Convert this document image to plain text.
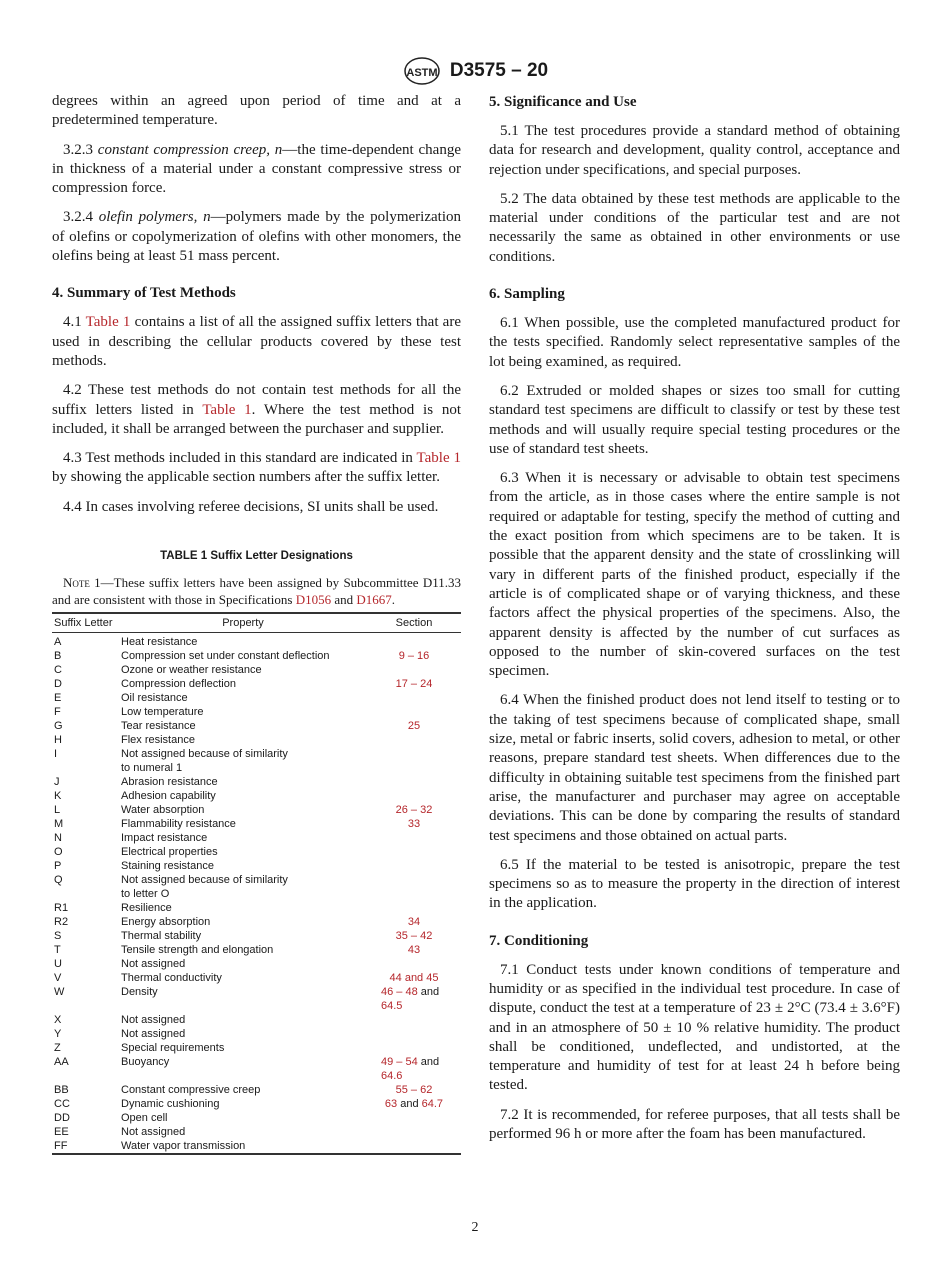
ASTM D3575 – 20

degrees within an agreed upon period of time and at a predetermined temperature.

3.2.3 constant compression creep, n—the time-dependent change in thickness of a material under a constant compressive stress or compression force.

3.2.4 olefin polymers, n—polymers made by the polymerization of olefins or copolymerization of olefins with other monomers, the olefins being at least 51 mass percent.

4. Summary of Test Methods

4.1 Table 1 contains a list of all the assigned suffix letters that are used in describing the cellular products covered by these test methods.

4.2 These test methods do not contain test methods for all the suffix letters listed in Table 1. Where the test method is not included, it shall be arranged between the purchaser and supplier.

4.3 Test methods included in this standard are indicated in Table 1 by showing the applicable section numbers after the suffix letter.

4.4 In cases involving referee decisions, SI units shall be used.

TABLE 1 Suffix Letter Designations
Note 1—These suffix letters have been assigned by Subcommittee D11.33 and are consistent with those in Specifications D1056 and D1667.
Suffix Letter	Property	Section
A	Heat resistance	
B	Compression set under constant deflection	9 – 16
C	Ozone or weather resistance	
D	Compression deflection	17 – 24
E	Oil resistance	
F	Low temperature	
G	Tear resistance	25
H	Flex resistance	
I	Not assigned because of similarity to numeral 1	
J	Abrasion resistance	
K	Adhesion capability	
L	Water absorption	26 – 32
M	Flammability resistance	33
N	Impact resistance	
O	Electrical properties	
P	Staining resistance	
Q	Not assigned because of similarity to letter O	
R1	Resilience	
R2	Energy absorption	34
S	Thermal stability	35 – 42
T	Tensile strength and elongation	43
U	Not assigned	
V	Thermal conductivity	44 and 45
W	Density	46 – 48 and 64.5
X	Not assigned	
Y	Not assigned	
Z	Special requirements	
AA	Buoyancy	49 – 54 and 64.6
BB	Constant compressive creep	55 – 62
CC	Dynamic cushioning	63 and 64.7
DD	Open cell	
EE	Not assigned	
FF	Water vapor transmission	
5. Significance and Use

5.1 The test procedures provide a standard method of obtaining data for research and development, quality control, acceptance and rejection under specifications, and special purposes.

5.2 The data obtained by these test methods are applicable to the material under conditions of the particular test and are not necessarily the same as obtained in other environments or use conditions.

6. Sampling

6.1 When possible, use the completed manufactured product for the tests specified. Randomly select representative samples of the lot being examined, as required.

6.2 Extruded or molded shapes or sizes too small for cutting standard test specimens are difficult to classify or test by these test methods and will usually require special testing procedures or the use of standard test sheets.

6.3 When it is necessary or advisable to obtain test specimens from the article, as in those cases where the entire sample is not required or adaptable for testing, specify the method of cutting and the exact position from which specimens are to be taken. It is possible that the apparent density and the state of crosslinking will vary in different parts of the finished product, especially if the article is of complicated shape or of varying thickness, and these factors affect the physical properties of the specimens. Also, the apparent density is affected by the number of cut surfaces as opposed to the number of skin-covered surfaces on the test specimen.

6.4 When the finished product does not lend itself to testing or to the taking of test specimens because of complicated shape, small size, metal or fabric inserts, solid covers, adhesion to metal, or other reasons, prepare standard test sheets. When differences due to the difficulty in obtaining suitable test specimens from the finished part arise, the manufacturer and purchaser may agree on acceptable deviations. This can be done by comparing the results of standard test specimens and those obtained on actual parts.

6.5 If the material to be tested is anisotropic, prepare the test specimens so as to measure the property in the direction of interest in the application.

7. Conditioning

7.1 Conduct tests under known conditions of temperature and humidity or as specified in the individual test procedure. In case of dispute, conduct the test at a temperature of 23 ± 2°C (73.4 ± 3.6°F) and in an atmosphere of 50 ± 10 % relative humidity. The product shall be conditioned, undeflected, and undistorted, at the temperature and humidity of test for at least 24 h before being tested.

7.2 It is recommended, for referee purposes, that all tests shall be performed 96 h or more after the foam has been manufactured.

2
